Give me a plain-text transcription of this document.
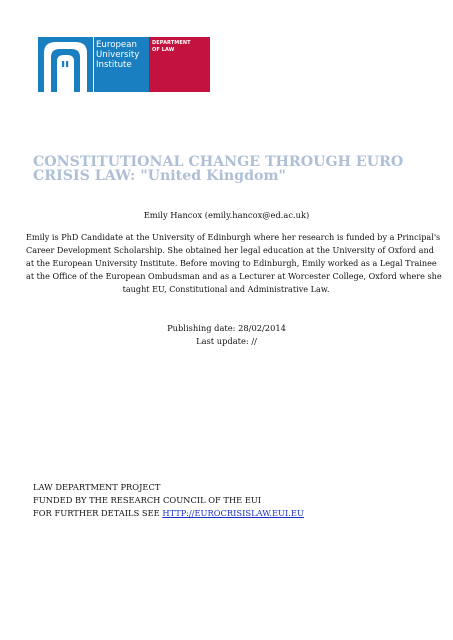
European
University
Institute
DEPARTMENT
OF LAW
CONSTITUTIONAL CHANGE THROUGH EURO
CRISIS LAW: "United Kingdom"
Emily Hancox (emily.hancox@ed.ac.uk)
Emily is PhD Candidate at the University of Edinburgh where her research is funded by a Principal's
Career Development Scholarship. She obtained her legal education at the University of Oxford and
at the European University Institute. Before moving to Edinburgh, Emily worked as a Legal Trainee
at the Office of the European Ombudsman and as a Lecturer at Worcester College, Oxford where she
taught EU, Constitutional and Administrative Law.
Publishing date: 28/02/2014
Last update: //
LAW DEPARTMENT PROJECT
FUNDED BY THE RESEARCH COUNCIL OF THE EUI
FOR FURTHER DETAILS SEE HTTP://EUROCRISISLAW.EUI.EU
